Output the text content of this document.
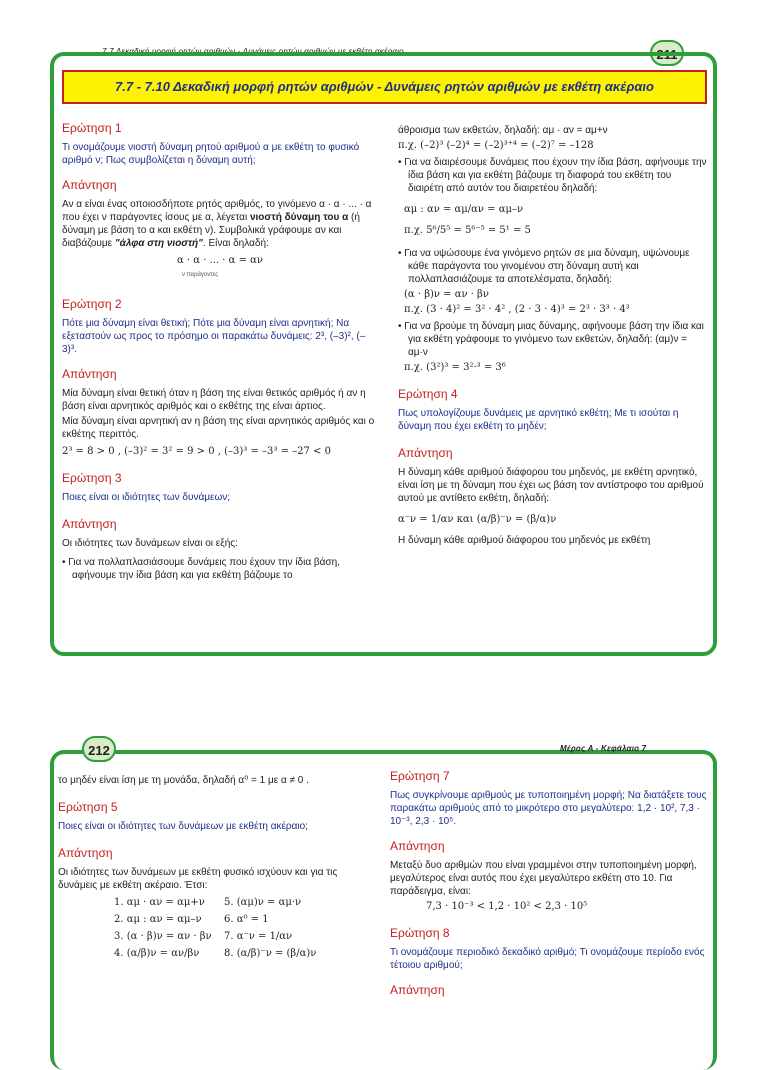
7.7 Δεκαδική μορφή ρητών αριθμών - Δυνάμεις ρητών αριθμών με εκθέτη ακέραιο	211
7.7 - 7.10 Δεκαδική μορφή ρητών αριθμών - Δυνάμεις ρητών αριθμών με εκθέτη ακέραιο
Ερώτηση 1

Τι ονομάζουμε νιοστή δύναμη ρητού αριθμού α με εκθέτη το φυσικό αριθμό ν; Πως συμβολίζεται η δύναμη αυτή;

Απάντηση

Αν α είναι ένας οποιοσδήποτε ρητός αριθμός, το γινόμενο α · α · ... · α που έχει ν παράγοντες ίσους με α, λέγεται νιοστή δύναμη του α (ή δύναμη με βάση το α και εκθέτη ν). Συμβολικά γράφουμε αν και διαβάζουμε "άλφα στη νιοστή". Είναι δηλαδή:

α · α · ... · α = αν

ν παράγοντες

Ερώτηση 2

Πότε μια δύναμη είναι θετική; Πότε μια δύναμη είναι αρνητική; Να εξεταστούν ως προς το πρόσημο οι παρακάτω δυνάμεις: 2³, (–3)², (–3)³.

Απάντηση

Μία δύναμη είναι θετική όταν η βάση της είναι θετικός αριθμός ή αν η βάση είναι αρνητικός αριθμός και ο εκθέτης της είναι άρτιος.

Μία δύναμη είναι αρνητική αν η βάση της είναι αρνητικός αριθμός και ο εκθέτης περιττός.

2³ = 8 > 0 , (–3)² = 3² = 9 > 0 , (–3)³ = –3³ = –27 < 0

Ερώτηση 3

Ποιες είναι οι ιδιότητες των δυνάμεων;

Απάντηση

Οι ιδιότητες των δυνάμεων είναι οι εξής:

• Για να πολλαπλασιάσουμε δυνάμεις που έχουν την ίδια βάση, αφήνουμε την ίδια βάση και για εκθέτη βάζουμε το

άθροισμα των εκθετών, δηλαδή: αμ · αν = αμ+ν

π.χ. (–2)³ (–2)⁴ = (–2)³⁺⁴ = (–2)⁷ = –128

• Για να διαιρέσουμε δυνάμεις που έχουν την ίδια βάση, αφήνουμε την ίδια βάση και για εκθέτη βάζουμε τη διαφορά του εκθέτη του διαιρέτη από αυτόν του διαιρετέου δηλαδή:

αμ : αν = αμ/αν = αμ–ν

π.χ. 5⁶/5⁵ = 5⁶⁻⁵ = 5¹ = 5

• Για να υψώσουμε ένα γινόμενο ρητών σε μια δύναμη, υψώνουμε κάθε παράγοντα του γινομένου στη δύναμη αυτή και πολλαπλασιάζουμε τα αποτελέσματα, δηλαδή:

(α · β)ν = αν · βν

π.χ. (3 · 4)² = 3² · 4² , (2 · 3 · 4)³ = 2³ · 3³ · 4³

• Για να βρούμε τη δύναμη μιας δύναμης, αφήνουμε βάση την ίδια και για εκθέτη γράφουμε το γινόμενο των εκθετών, δηλαδή: (αμ)ν = αμ·ν

π.χ. (3²)³ = 3²·³ = 3⁶

Ερώτηση 4

Πως υπολογίζουμε δυνάμεις με αρνητικό εκθέτη; Με τι ισούται η δύναμη που έχει εκθέτη το μηδέν;

Απάντηση

Η δύναμη κάθε αριθμού διάφορου του μηδενός, με εκθέτη αρνητικό, είναι ίση με τη δύναμη που έχει ως βάση τον αντίστροφο του αριθμού αυτού με αντίθετο εκθέτη, δηλαδή:

α⁻ν = 1/αν και (α/β)⁻ν = (β/α)ν

Η δύναμη κάθε αριθμού διάφορου του μηδενός με εκθέτη

212	Μέρος Α - Κεφάλαιο 7

το μηδέν είναι ίση με τη μονάδα, δηλαδή α⁰ = 1 με α ≠ 0 .

Ερώτηση 5

Ποιες είναι οι ιδιότητες των δυνάμεων με εκθέτη ακέραιο;

Απάντηση

Οι ιδιότητες των δυνάμεων με εκθέτη φυσικό ισχύουν και για τις δυνάμεις με εκθέτη ακέραιο. Έτσι:

1. αμ · αν = αμ+ν	5. (αμ)ν = αμ·ν
2. αμ : αν = αμ–ν	6. α⁰ = 1
3. (α · β)ν = αν · βν	7. α⁻ν = 1/αν
4. (α/β)ν = αν/βν	8. (α/β)⁻ν = (β/α)ν
Ερώτηση 7

Πως συγκρίνουμε αριθμούς με τυποποιημένη μορφή; Να διατάξετε τους παρακάτω αριθμούς από το μικρότερο στο μεγαλύτερο: 1,2 · 10², 7,3 · 10⁻³, 2,3 · 10⁵.

Απάντηση

Μεταξύ δυο αριθμών που είναι γραμμένοι στην τυποποιημένη μορφή, μεγαλύτερος είναι αυτός που έχει μεγαλύτερο εκθέτη στο 10. Για παράδειγμα, είναι:

7,3 · 10⁻³ < 1,2 · 10² < 2,3 · 10⁵

Ερώτηση 8

Τι ονομάζουμε περιοδικό δεκαδικό αριθμό; Τι ονομάζουμε περίοδο ενός τέτοιου αριθμού;

Απάντηση
